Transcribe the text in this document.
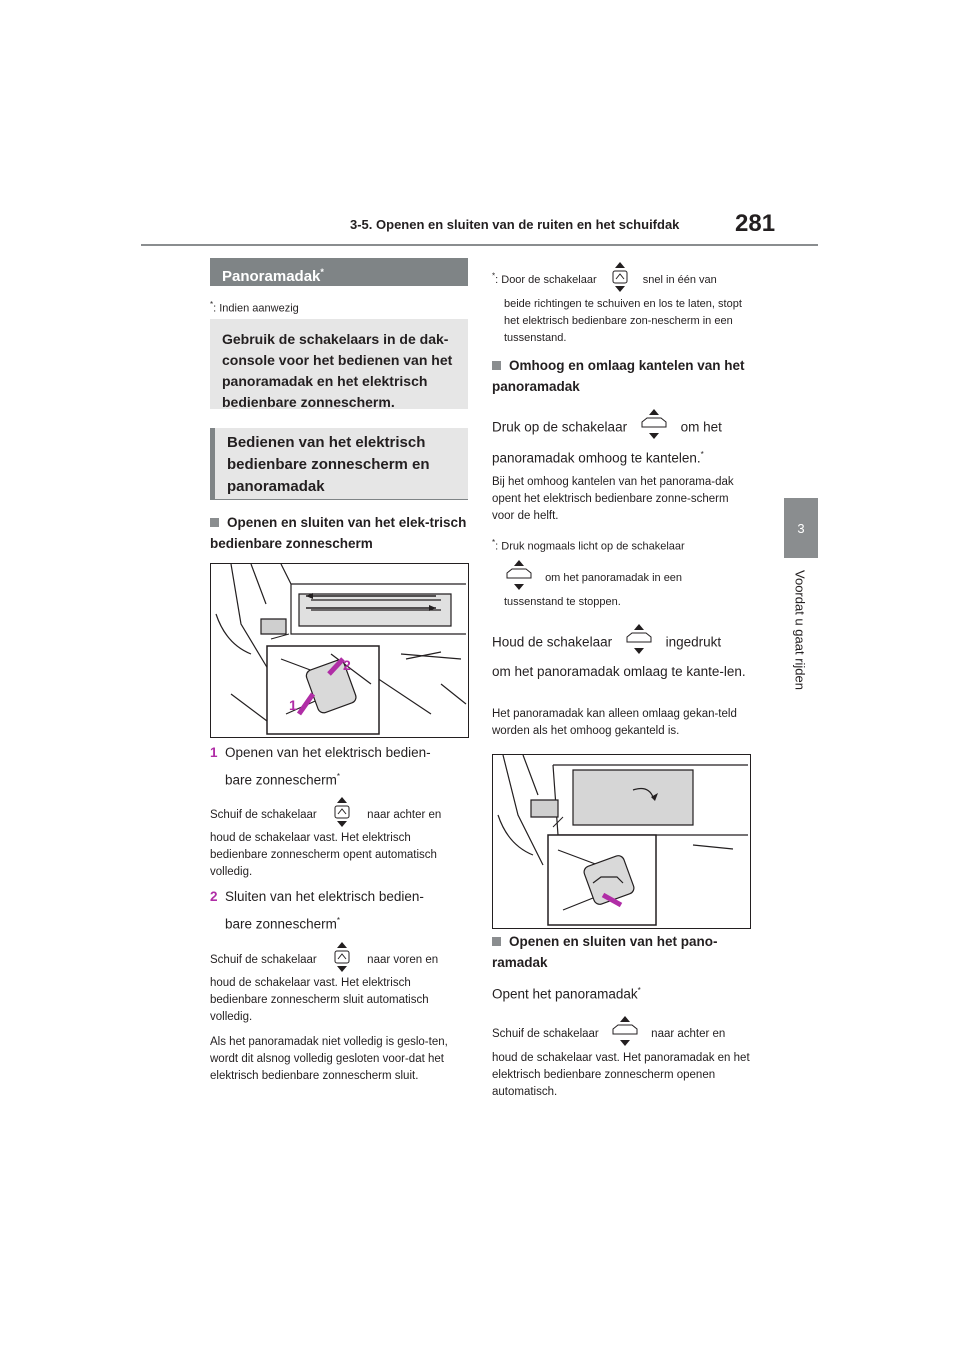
3-5. Openen en sluiten van de ruiten en het schuifdak 281
3
Voordat u gaat rijden
Panoramadak*
*: Indien aanwezig
Gebruik de schakelaars in de dak-console voor het bedienen van het panoramadak en het elektrisch bedienbare zonnescherm.
Bedienen van het elektrisch bedienbare zonnescherm en panoramadak
Openen en sluiten van het elek-trisch bedienbare zonnescherm
2
1
1 Openen van het elektrisch bedien-
bare zonnescherm*
Schuif de schakelaar	naar achter en
houd de schakelaar vast. Het elektrisch bedienbare zonnescherm opent automatisch volledig.
2 Sluiten van het elektrisch bedien-
bare zonnescherm*
Schuif de schakelaar	naar voren en
houd de schakelaar vast. Het elektrisch bedienbare zonnescherm sluit automatisch volledig.
Als het panoramadak niet volledig is geslo-ten, wordt dit alsnog volledig gesloten voor-dat het elektrisch bedienbare zonnescherm sluit.
*: Door de schakelaar	snel in één van
beide richtingen te schuiven en los te laten, stopt het elektrisch bedienbare zon-nescherm in een tussenstand.
Omhoog en omlaag kantelen van het panoramadak
Druk op de schakelaar	om het
panoramadak omhoog te kantelen.*
Bij het omhoog kantelen van het panorama-dak opent het elektrisch bedienbare zonne-scherm voor de helft.
*: Druk nogmaals licht op de schakelaar
om het panoramadak in een
tussenstand te stoppen.
Houd de schakelaar	ingedrukt
om het panoramadak omlaag te kante-len.
Het panoramadak kan alleen omlaag gekan-teld worden als het omhoog gekanteld is.
Openen en sluiten van het pano-ramadak
Opent het panoramadak*
Schuif de schakelaar	naar achter en
houd de schakelaar vast. Het panoramadak en het elektrisch bedienbare zonnescherm openen automatisch.
